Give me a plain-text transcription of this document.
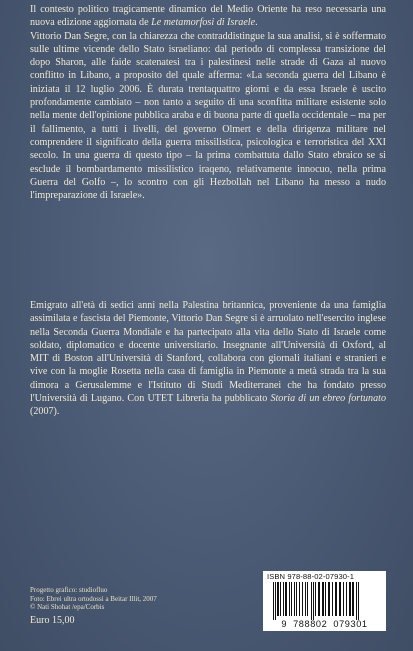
Il contesto politico tragicamente dinamico del Medio Oriente ha reso necessaria una nuova edizione aggiornata de Le metamorfosi di Israele.

Vittorio Dan Segre, con la chiarezza che contraddistingue la sua analisi, si è soffermato sulle ultime vicende dello Stato israeliano: dal periodo di complessa transizione del dopo Sharon, alle faide scatenatesi tra i palestinesi nelle strade di Gaza al nuovo conflitto in Libano, a proposito del quale afferma: «La seconda guerra del Libano è iniziata il 12 luglio 2006. È durata trentaquattro giorni e da essa Israele è uscito profondamente cambiato – non tanto a seguito di una sconfitta militare esistente solo nella mente dell'opinione pubblica araba e di buona parte di quella occidentale – ma per il fallimento, a tutti i livelli, del governo Olmert e della dirigenza militare nel comprendere il significato della guerra missilistica, psicologica e terroristica del XXI secolo. In una guerra di questo tipo – la prima combattuta dallo Stato ebraico se si esclude il bombardamento missilistico iraqeno, relativamente innocuo, nella prima Guerra del Golfo –, lo scontro con gli Hezbollah nel Libano ha messo a nudo l'impreparazione di Israele».

Emigrato all'età di sedici anni nella Palestina britannica, proveniente da una famiglia assimilata e fascista del Piemonte, Vittorio Dan Segre si è arruolato nell'esercito inglese nella Seconda Guerra Mondiale e ha partecipato alla vita dello Stato di Israele come soldato, diplomatico e docente universitario. Insegnante all'Università di Oxford, al MIT di Boston all'Università di Stanford, collabora con giornali italiani e stranieri e vive con la moglie Rosetta nella casa di famiglia in Piemonte a metà strada tra la sua dimora a Gerusalemme e l'Istituto di Studi Mediterranei che ha fondato presso l'Università di Lugano. Con UTET Libreria ha pubblicato Storia di un ebreo fortunato (2007).

Progetto grafico: studiofluo
Foto: Ebrei ultra ortodossi a Beitar Illit, 2007
© Nati Shohat /epa/Corbis
Euro 15,00
ISBN 978-88-02-07930-1
9 788802 079301
